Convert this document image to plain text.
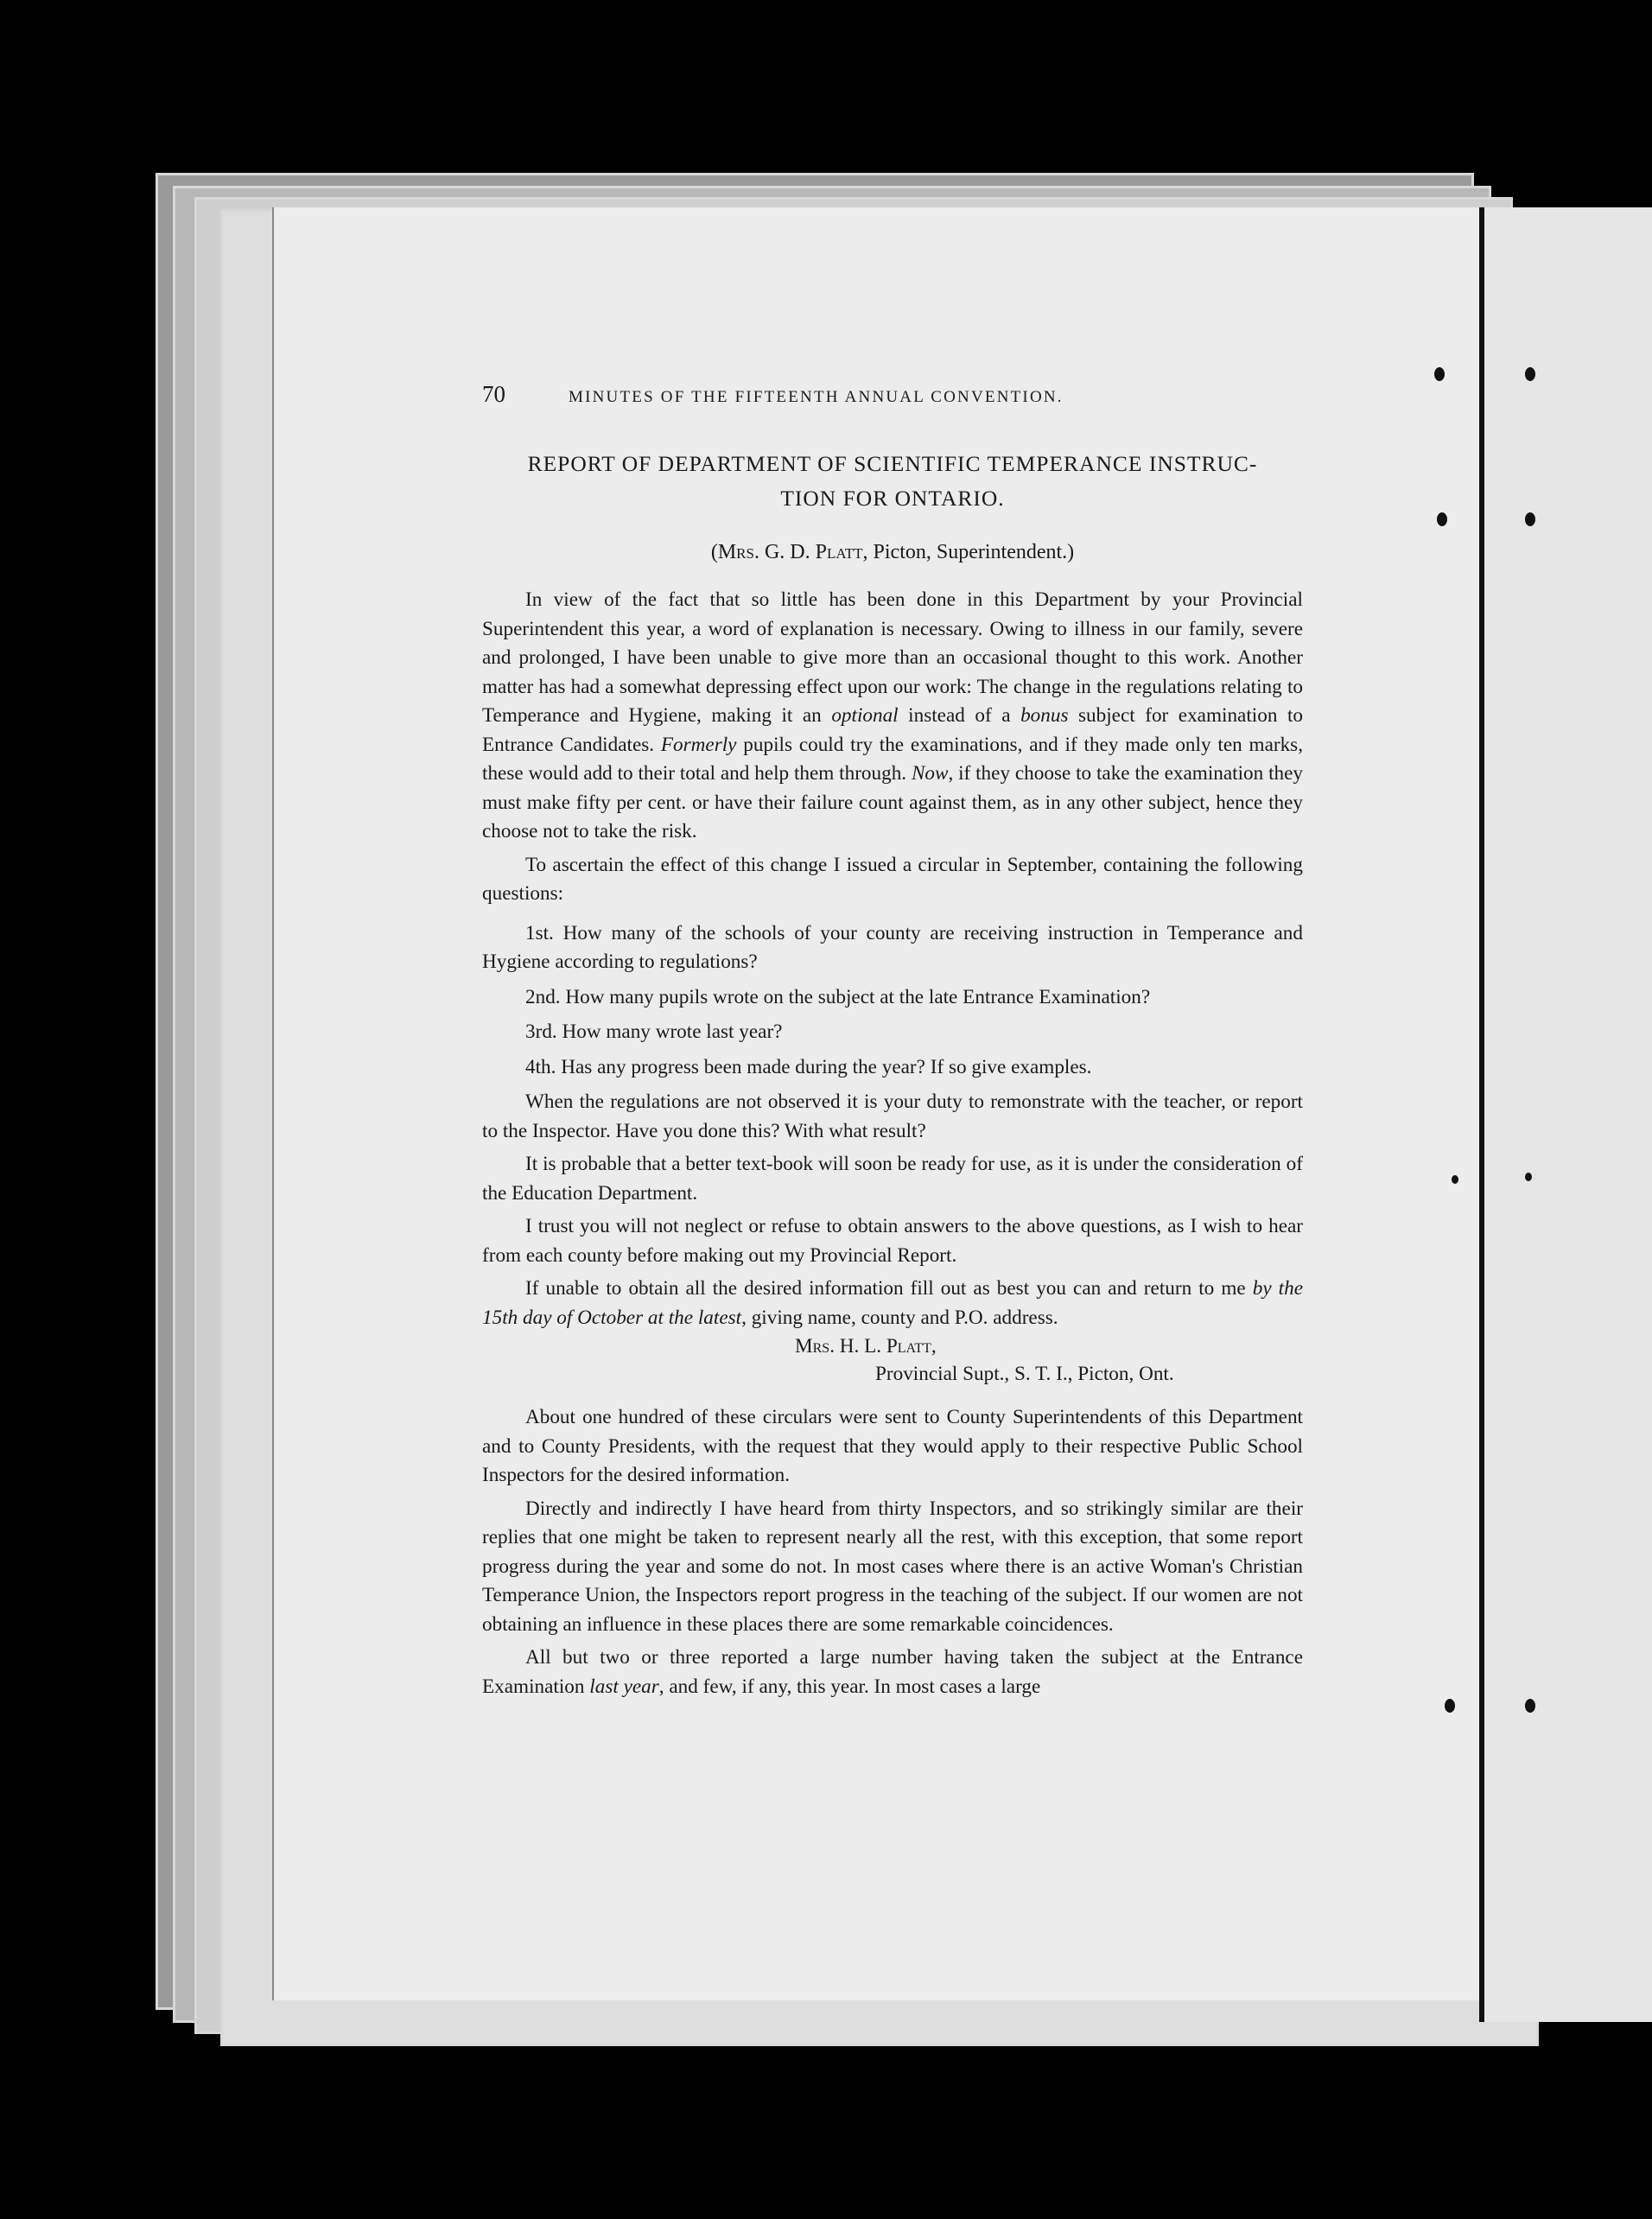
70	MINUTES OF THE FIFTEENTH ANNUAL CONVENTION.
REPORT OF DEPARTMENT OF SCIENTIFIC TEMPERANCE INSTRUC-
TION FOR ONTARIO.
(Mrs. G. D. Platt, Picton, Superintendent.)

In view of the fact that so little has been done in this Department by your Provincial Superintendent this year, a word of explanation is necessary. Owing to illness in our family, severe and prolonged, I have been unable to give more than an occasional thought to this work. Another matter has had a somewhat depressing effect upon our work: The change in the regulations relating to Temperance and Hygiene, making it an optional instead of a bonus subject for examination to Entrance Candidates. Formerly pupils could try the examinations, and if they made only ten marks, these would add to their total and help them through. Now, if they choose to take the examination they must make fifty per cent. or have their failure count against them, as in any other subject, hence they choose not to take the risk.

To ascertain the effect of this change I issued a circular in September, containing the following questions:

1st. How many of the schools of your county are receiving instruction in Temperance and Hygiene according to regulations?
2nd. How many pupils wrote on the subject at the late Entrance Examination?
3rd. How many wrote last year?
4th. Has any progress been made during the year? If so give examples.

When the regulations are not observed it is your duty to remonstrate with the teacher, or report to the Inspector. Have you done this? With what result?

It is probable that a better text-book will soon be ready for use, as it is under the consideration of the Education Department.

I trust you will not neglect or refuse to obtain answers to the above questions, as I wish to hear from each county before making out my Provincial Report.

If unable to obtain all the desired information fill out as best you can and return to me by the 15th day of October at the latest, giving name, county and P.O. address.

Mrs. H. L. Platt,
Provincial Supt., S. T. I., Picton, Ont.

About one hundred of these circulars were sent to County Superintendents of this Department and to County Presidents, with the request that they would apply to their respective Public School Inspectors for the desired information.

Directly and indirectly I have heard from thirty Inspectors, and so strikingly similar are their replies that one might be taken to represent nearly all the rest, with this exception, that some report progress during the year and some do not. In most cases where there is an active Woman's Christian Temperance Union, the Inspectors report progress in the teaching of the subject. If our women are not obtaining an influence in these places there are some remarkable coincidences.

All but two or three reported a large number having taken the subject at the Entrance Examination last year, and few, if any, this year. In most cases a large
